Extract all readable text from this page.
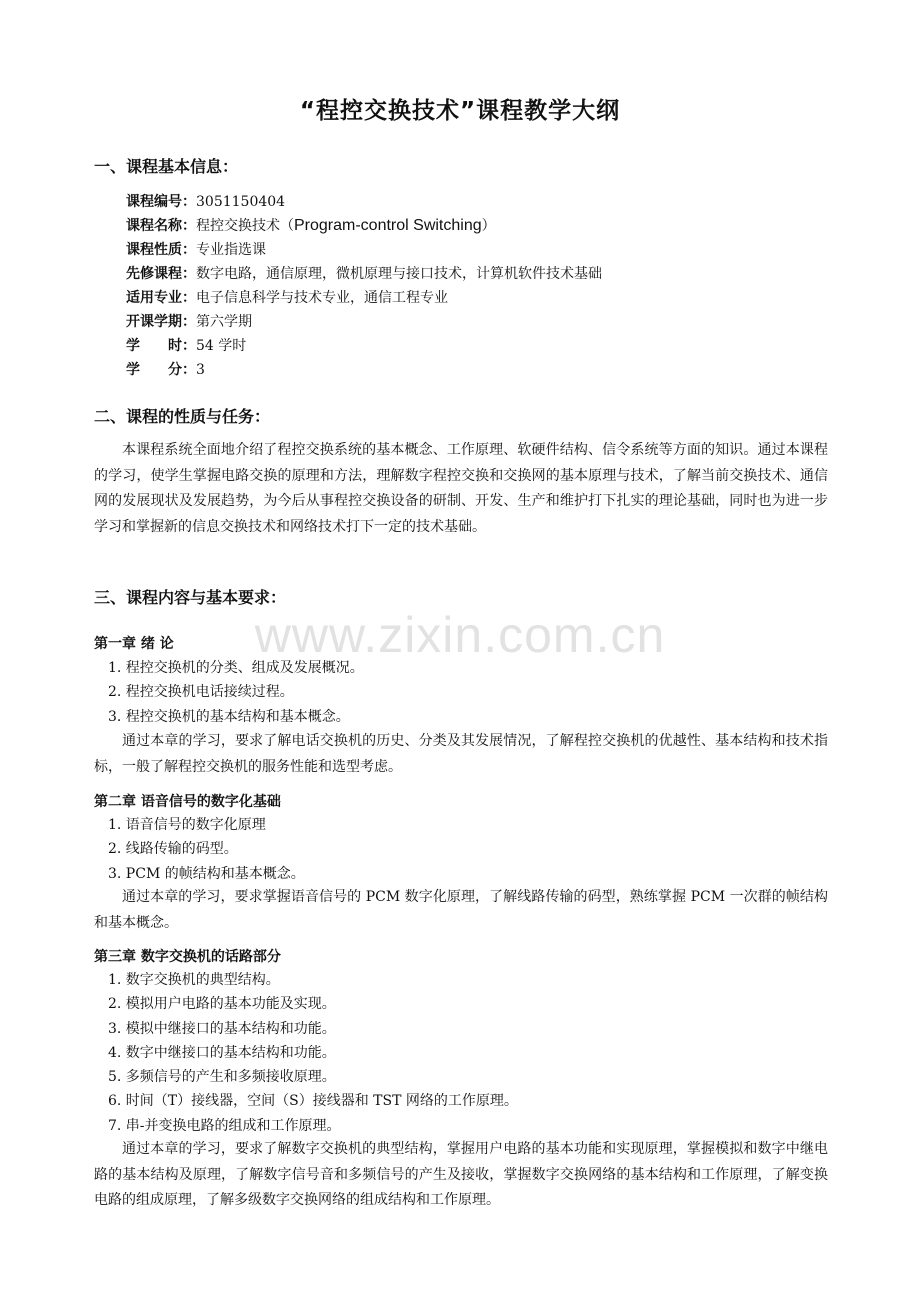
www.zixin.com.cn
“程控交换技术”课程教学大纲
一、课程基本信息：
课程编号：3051150404
课程名称：程控交换技术（Program-control Switching）
课程性质：专业指选课
先修课程：数字电路，通信原理，微机原理与接口技术，计算机软件技术基础
适用专业：电子信息科学与技术专业，通信工程专业
开课学期：第六学期
学　　时：54 学时
学　　分：3
二、课程的性质与任务：

本课程系统全面地介绍了程控交换系统的基本概念、工作原理、软硬件结构、信令系统等方面的知识。通过本课程的学习，使学生掌握电路交换的原理和方法，理解数字程控交换和交换网的基本原理与技术，了解当前交换技术、通信网的发展现状及发展趋势，为今后从事程控交换设备的研制、开发、生产和维护打下扎实的理论基础，同时也为进一步学习和掌握新的信息交换技术和网络技术打下一定的技术基础。

三、课程内容与基本要求：
第一章 绪 论
1. 程控交换机的分类、组成及发展概况。
2. 程控交换机电话接续过程。
3. 程控交换机的基本结构和基本概念。

通过本章的学习，要求了解电话交换机的历史、分类及其发展情况，了解程控交换机的优越性、基本结构和技术指标，一般了解程控交换机的服务性能和选型考虑。

第二章 语音信号的数字化基础
1. 语音信号的数字化原理
2. 线路传输的码型。
3. PCM 的帧结构和基本概念。

通过本章的学习，要求掌握语音信号的 PCM 数字化原理，了解线路传输的码型，熟练掌握 PCM 一次群的帧结构和基本概念。

第三章 数字交换机的话路部分
1. 数字交换机的典型结构。
2. 模拟用户电路的基本功能及实现。
3. 模拟中继接口的基本结构和功能。
4. 数字中继接口的基本结构和功能。
5. 多频信号的产生和多频接收原理。
6. 时间（T）接线器，空间（S）接线器和 TST 网络的工作原理。
7. 串-并变换电路的组成和工作原理。

通过本章的学习，要求了解数字交换机的典型结构，掌握用户电路的基本功能和实现原理，掌握模拟和数字中继电路的基本结构及原理，了解数字信号音和多频信号的产生及接收，掌握数字交换网络的基本结构和工作原理，了解变换电路的组成原理，了解多级数字交换网络的组成结构和工作原理。
